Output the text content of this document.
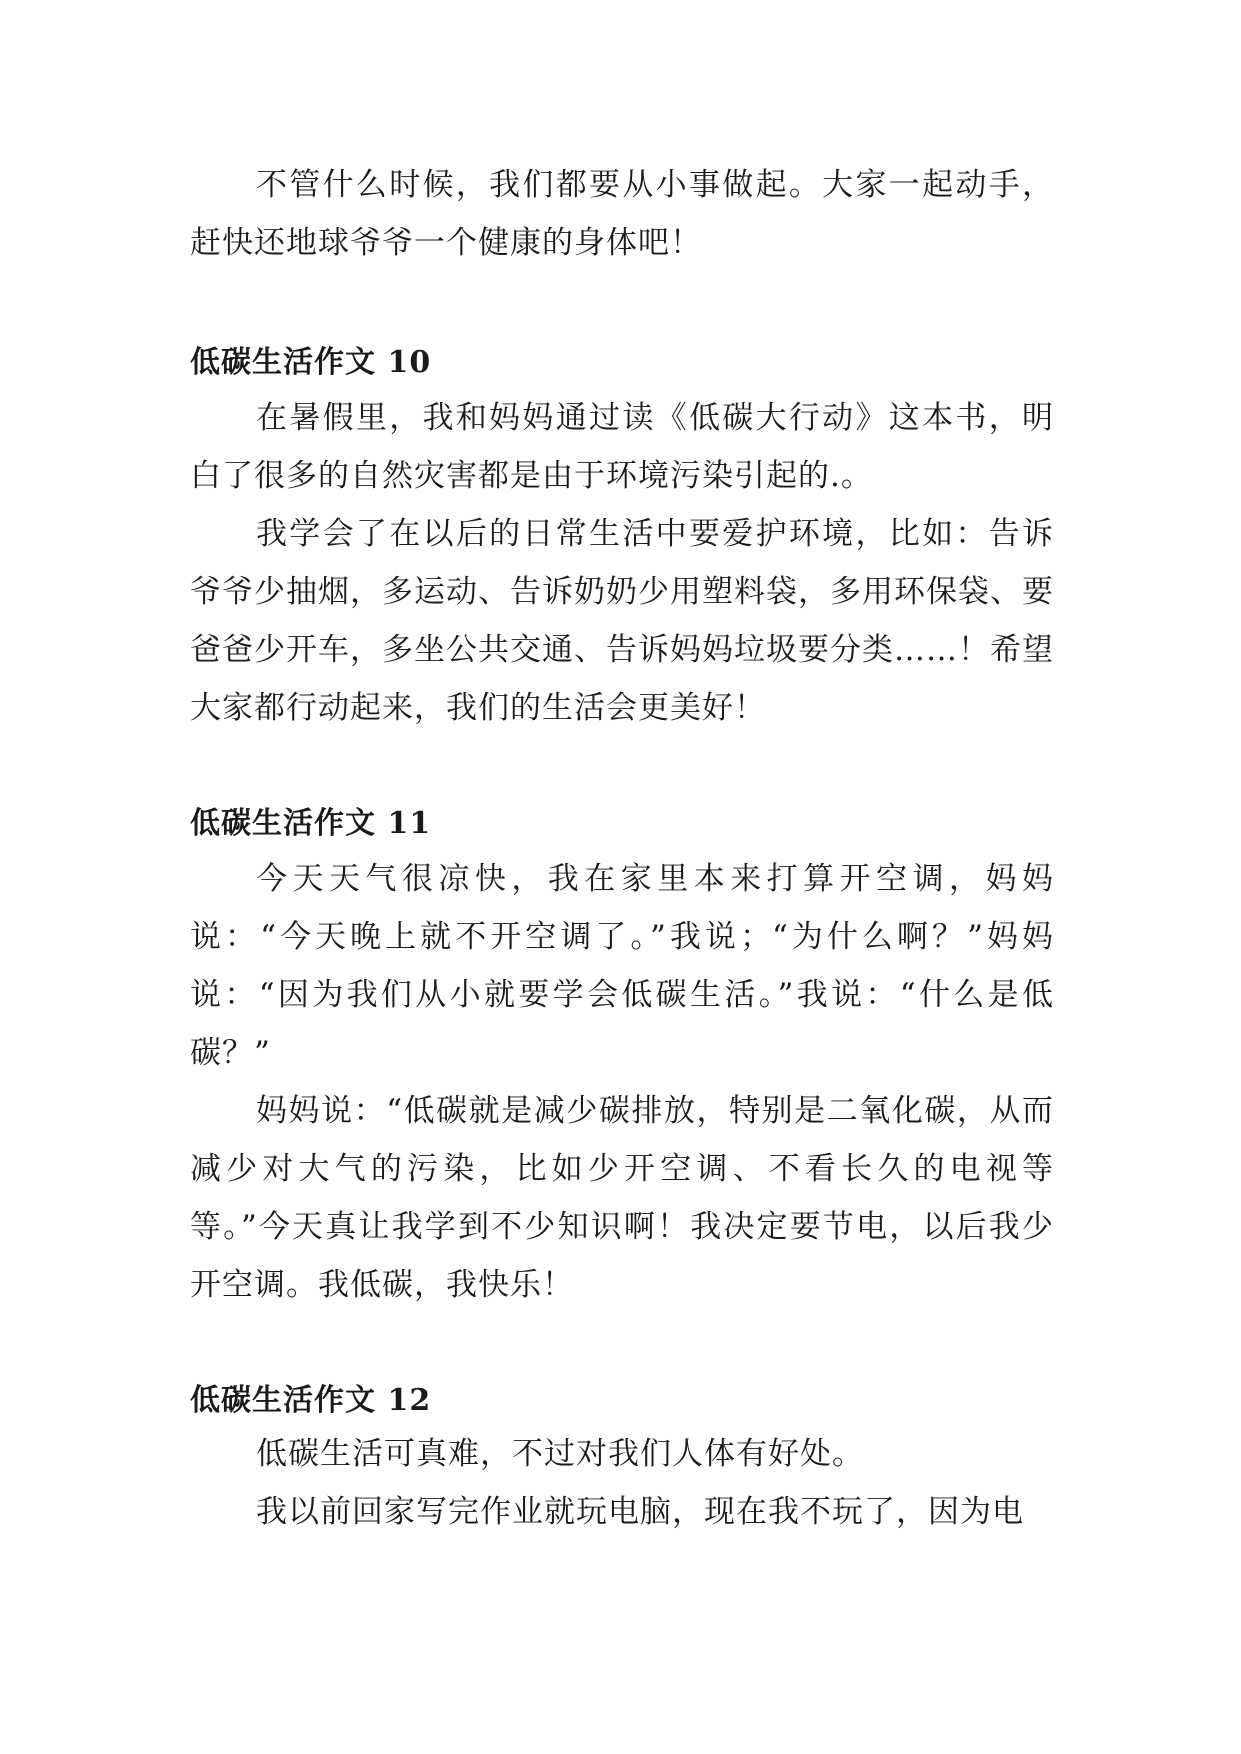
不管什么时候，我们都要从小事做起。大家一起动手，赶快还地球爷爷一个健康的身体吧！

低碳生活作文 10

在暑假里，我和妈妈通过读《低碳大行动》这本书，明白了很多的自然灾害都是由于环境污染引起的.。

我学会了在以后的日常生活中要爱护环境，比如：告诉爷爷少抽烟，多运动、告诉奶奶少用塑料袋，多用环保袋、要爸爸少开车，多坐公共交通、告诉妈妈垃圾要分类……！希望大家都行动起来，我们的生活会更美好！

低碳生活作文 11

今天天气很凉快，我在家里本来打算开空调，妈妈说：“今天晚上就不开空调了。”我说；“为什么啊？”妈妈说：“因为我们从小就要学会低碳生活。”我说：“什么是低碳？”

妈妈说：“低碳就是减少碳排放，特别是二氧化碳，从而减少对大气的污染，比如少开空调、不看长久的电视等等。”今天真让我学到不少知识啊！我决定要节电，以后我少开空调。我低碳，我快乐！

低碳生活作文 12

低碳生活可真难，不过对我们人体有好处。

我以前回家写完作业就玩电脑，现在我不玩了，因为电
